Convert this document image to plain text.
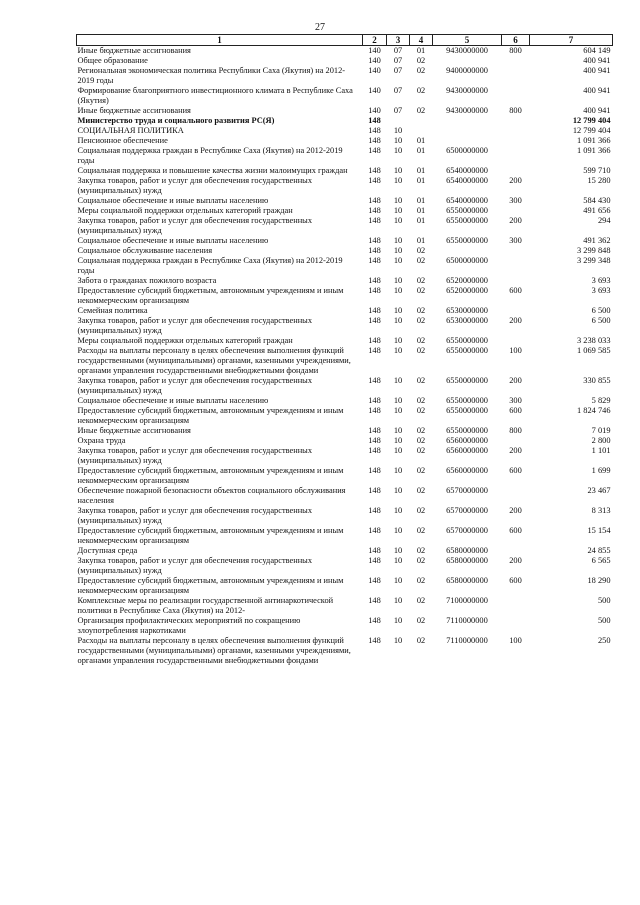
27
1	2	3	4	5	6	7
Иные бюджетные ассигнования	140	07	01	9430000000	800	604 149
Общее образование	140	07	02			400 941
Региональная экономическая политика Республики Саха (Якутия) на 2012-2019 годы	140	07	02	9400000000		400 941
Формирование благоприятного инвестиционного климата в Республике Саха (Якутия)	140	07	02	9430000000		400 941
Иные бюджетные ассигнования	140	07	02	9430000000	800	400 941
Министерство труда и социального развития РС(Я)	148					12 799 404
СОЦИАЛЬНАЯ ПОЛИТИКА	148	10				12 799 404
Пенсионное обеспечение	148	10	01			1 091 366
Социальная поддержка граждан в Республике Саха (Якутия) на 2012-2019 годы	148	10	01	6500000000		1 091 366
Социальная поддержка и повышение качества жизни малоимущих граждан	148	10	01	6540000000		599 710
Закупка товаров, работ и услуг для обеспечения государственных (муниципальных) нужд	148	10	01	6540000000	200	15 280
Социальное обеспечение и иные выплаты населению	148	10	01	6540000000	300	584 430
Меры социальной поддержки отдельных категорий граждан	148	10	01	6550000000		491 656
Закупка товаров, работ и услуг для обеспечения государственных (муниципальных) нужд	148	10	01	6550000000	200	294
Социальное обеспечение и иные выплаты населению	148	10	01	6550000000	300	491 362
Социальное обслуживание населения	148	10	02			3 299 848
Социальная поддержка граждан в Республике Саха (Якутия) на 2012-2019 годы	148	10	02	6500000000		3 299 348
Забота о гражданах пожилого возраста	148	10	02	6520000000		3 693
Предоставление субсидий бюджетным, автономным учреждениям и иным некоммерческим организациям	148	10	02	6520000000	600	3 693
Семейная политика	148	10	02	6530000000		6 500
Закупка товаров, работ и услуг для обеспечения государственных (муниципальных) нужд	148	10	02	6530000000	200	6 500
Меры социальной поддержки отдельных категорий граждан	148	10	02	6550000000		3 238 033
Расходы на выплаты персоналу в целях обеспечения выполнения функций государственными (муниципальными) органами, казенными учреждениями, органами управления государственными внебюджетными фондами	148	10	02	6550000000	100	1 069 585
Закупка товаров, работ и услуг для обеспечения государственных (муниципальных) нужд	148	10	02	6550000000	200	330 855
Социальное обеспечение и иные выплаты населению	148	10	02	6550000000	300	5 829
Предоставление субсидий бюджетным, автономным учреждениям и иным некоммерческим организациям	148	10	02	6550000000	600	1 824 746
Иные бюджетные ассигнования	148	10	02	6550000000	800	7 019
Охрана труда	148	10	02	6560000000		2 800
Закупка товаров, работ и услуг для обеспечения государственных (муниципальных) нужд	148	10	02	6560000000	200	1 101
Предоставление субсидий бюджетным, автономным учреждениям и иным некоммерческим организациям	148	10	02	6560000000	600	1 699
Обеспечение пожарной безопасности объектов социального обслуживания населения	148	10	02	6570000000		23 467
Закупка товаров, работ и услуг для обеспечения государственных (муниципальных) нужд	148	10	02	6570000000	200	8 313
Предоставление субсидий бюджетным, автономным учреждениям и иным некоммерческим организациям	148	10	02	6570000000	600	15 154
Доступная среда	148	10	02	6580000000		24 855
Закупка товаров, работ и услуг для обеспечения государственных (муниципальных) нужд	148	10	02	6580000000	200	6 565
Предоставление субсидий бюджетным, автономным учреждениям и иным некоммерческим организациям	148	10	02	6580000000	600	18 290
Комплексные меры по реализации государственной антинаркотической политики в Республике Саха (Якутия) на 2012-	148	10	02	7100000000		500
Организация профилактических мероприятий по сокращению злоупотребления наркотиками	148	10	02	7110000000		500
Расходы на выплаты персоналу в целях обеспечения выполнения функций государственными (муниципальными) органами, казенными учреждениями, органами управления государственными внебюджетными фондами	148	10	02	7110000000	100	250
